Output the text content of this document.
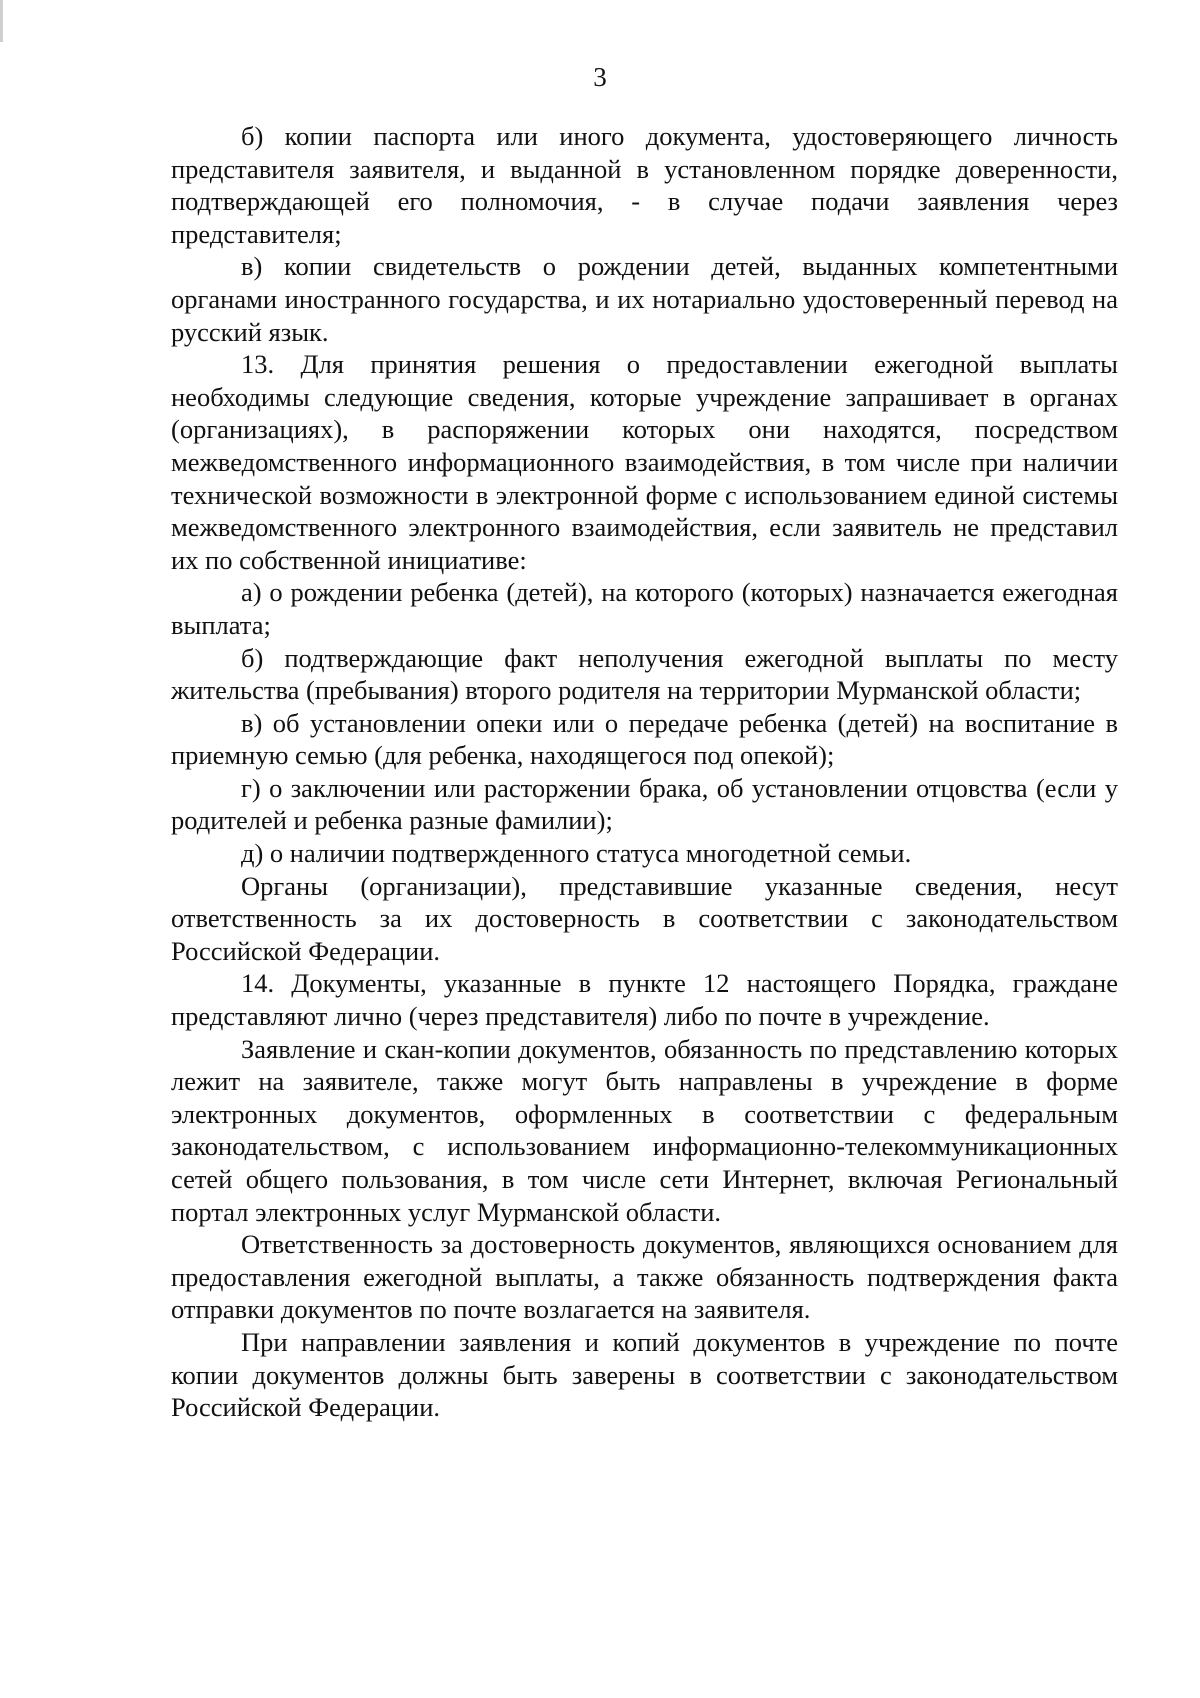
3

б) копии паспорта или иного документа, удостоверяющего личность представителя заявителя, и выданной в установленном порядке доверенности, подтверждающей его полномочия, - в случае подачи заявления через представителя;

в) копии свидетельств о рождении детей, выданных компетентными органами иностранного государства, и их нотариально удостоверенный перевод на русский язык.

13. Для принятия решения о предоставлении ежегодной выплаты необходимы следующие сведения, которые учреждение запрашивает в органах (организациях), в распоряжении которых они находятся, посредством межведомственного информационного взаимодействия, в том числе при наличии технической возможности в электронной форме с использованием единой системы межведомственного электронного взаимодействия, если заявитель не представил их по собственной инициативе:

а) о рождении ребенка (детей), на которого (которых) назначается ежегодная выплата;

б) подтверждающие факт неполучения ежегодной выплаты по месту жительства (пребывания) второго родителя на территории Мурманской области;

в) об установлении опеки или о передаче ребенка (детей) на воспитание в приемную семью (для ребенка, находящегося под опекой);

г) о заключении или расторжении брака, об установлении отцовства (если у родителей и ребенка разные фамилии);

д) о наличии подтвержденного статуса многодетной семьи.

Органы (организации), представившие указанные сведения, несут ответственность за их достоверность в соответствии с законодательством Российской Федерации.

14. Документы, указанные в пункте 12 настоящего Порядка, граждане представляют лично (через представителя) либо по почте в учреждение.

Заявление и скан-копии документов, обязанность по представлению которых лежит на заявителе, также могут быть направлены в учреждение в форме электронных документов, оформленных в соответствии с федеральным законодательством, с использованием информационно-телекоммуникационных сетей общего пользования, в том числе сети Интернет, включая Региональный портал электронных услуг Мурманской области.

Ответственность за достоверность документов, являющихся основанием для предоставления ежегодной выплаты, а также обязанность подтверждения факта отправки документов по почте возлагается на заявителя.

При направлении заявления и копий документов в учреждение по почте копии документов должны быть заверены в соответствии с законодательством Российской Федерации.
